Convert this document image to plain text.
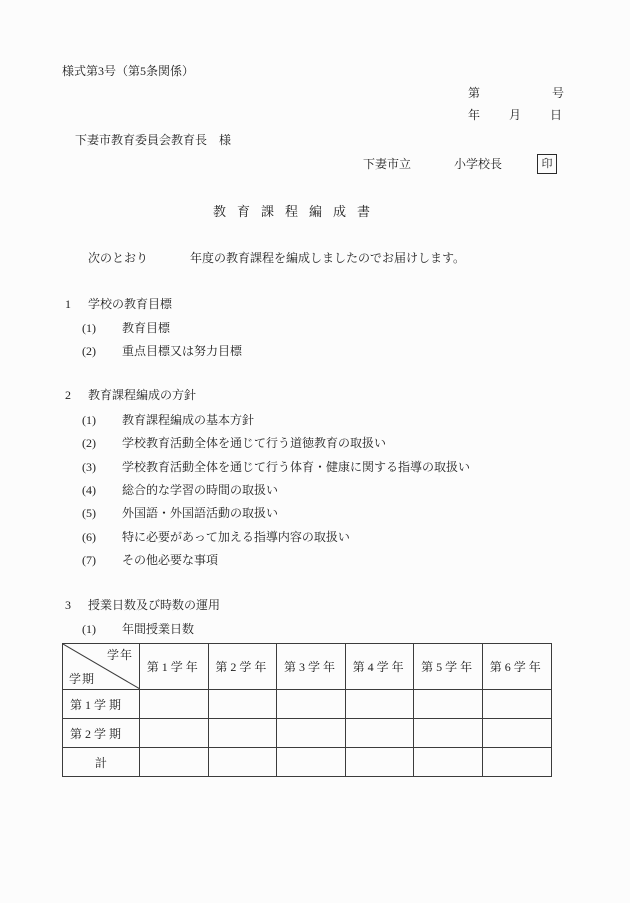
様式第3号（第5条関係）
第	号
年 月 日
下妻市教育委員会教育長　様
下妻市立	小学校長	印
教育課程編成書
次のとおり	年度の教育課程を編成しましたのでお届けします。
1 学校の教育目標
(1) 教育目標
(2) 重点目標又は努力目標
2 教育課程編成の方針
(1) 教育課程編成の基本方針
(2) 学校教育活動全体を通じて行う道徳教育の取扱い
(3) 学校教育活動全体を通じて行う体育・健康に関する指導の取扱い
(4) 総合的な学習の時間の取扱い
(5) 外国語・外国語活動の取扱い
(6) 特に必要があって加える指導内容の取扱い
(7) その他必要な事項
3 授業日数及び時数の運用
(1) 年間授業日数
学年
学期	第1学年	第2学年	第3学年	第4学年	第5学年	第6学年
第1学期						
第2学期						
計						
